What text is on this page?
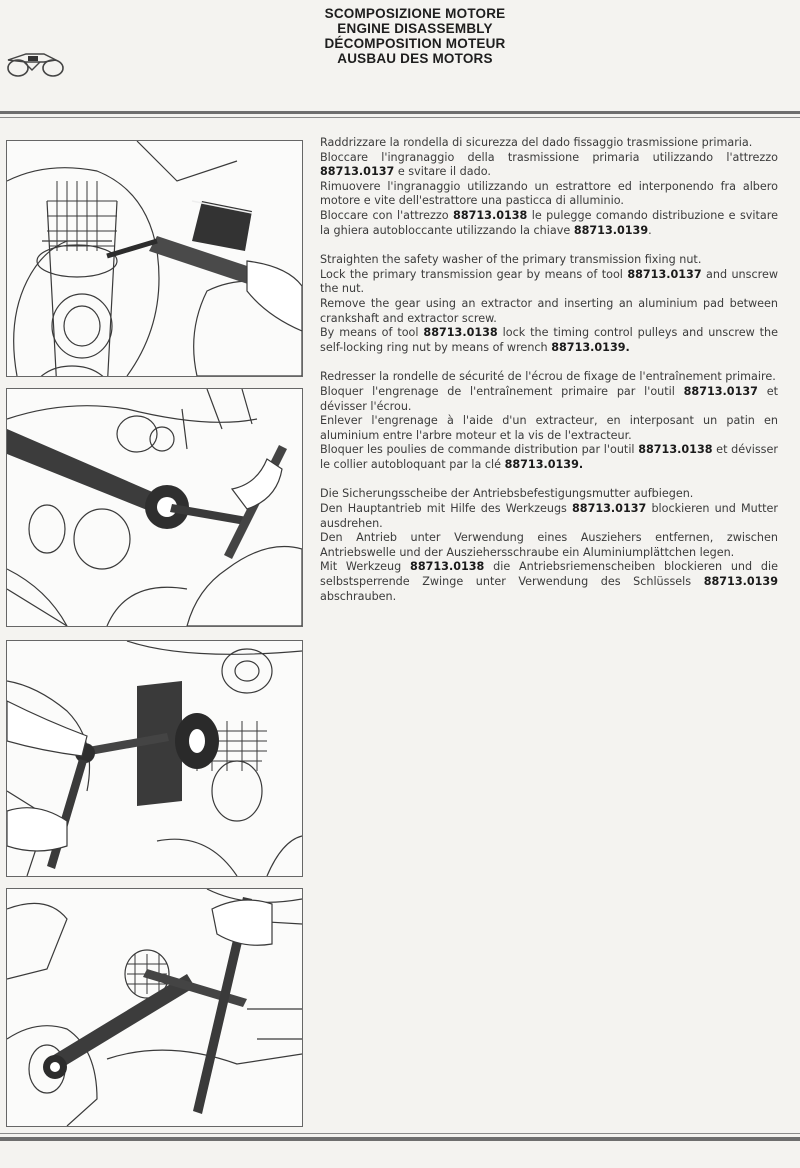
SCOMPOSIZIONE MOTORE
ENGINE DISASSEMBLY
DÉCOMPOSITION MOTEUR
AUSBAU DES MOTORS

Raddrizzare la rondella di sicurezza del dado fissaggio trasmissione primaria.

Bloccare l'ingranaggio della trasmissione primaria utilizzando l'attrezzo 88713.0137 e svitare il dado.

Rimuovere l'ingranaggio utilizzando un estrattore ed interponendo fra albero motore e vite dell'estrattore una pasticca di alluminio.

Bloccare con l'attrezzo 88713.0138 le pulegge comando distribuzione e svitare la ghiera autobloccante utilizzando la chiave 88713.0139.

Straighten the safety washer of the primary transmission fixing nut.

Lock the primary transmission gear by means of tool 88713.0137 and unscrew the nut.

Remove the gear using an extractor and inserting an aluminium pad between crankshaft and extractor screw.

By means of tool 88713.0138 lock the timing control pulleys and unscrew the self-locking ring nut by means of wrench 88713.0139.

Redresser la rondelle de sécurité de l'écrou de fixage de l'entraînement primaire.

Bloquer l'engrenage de l'entraînement primaire par l'outil 88713.0137 et dévisser l'écrou.

Enlever l'engrenage à l'aide d'un extracteur, en interposant un patin en aluminium entre l'arbre moteur et la vis de l'extracteur.

Bloquer les poulies de commande distribution par l'outil 88713.0138 et dévisser le collier autobloquant par la clé 88713.0139.

Die Sicherungsscheibe der Antriebsbefestigungsmutter aufbiegen.

Den Hauptantrieb mit Hilfe des Werkzeugs 88713.0137 blockieren und Mutter ausdrehen.

Den Antrieb unter Verwendung eines Ausziehers entfernen, zwischen Antriebswelle und der Ausziehersschraube ein Aluminiumplättchen legen.

Mit Werkzeug 88713.0138 die Antriebsriemenscheiben blockieren und die selbstsperrende Zwinge unter Verwendung des Schlüssels 88713.0139 abschrauben.
